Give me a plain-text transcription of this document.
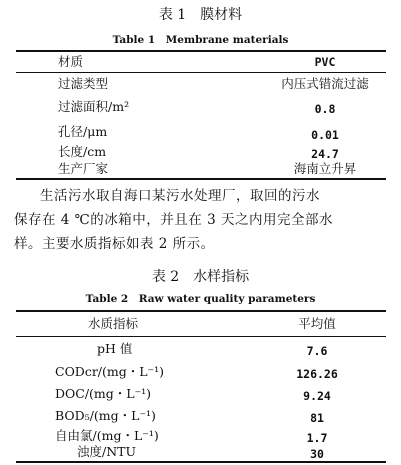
表 1　膜材料
Table 1　Membrane materials
材质	PVC
过滤类型	内压式错流过滤
过滤面积/m²	0.8
孔径/μm	0.01
长度/cm	24.7
生产厂家	海南立升昇

生活污水取自海口某污水处理厂，取回的污水

保存在 4 ℃的冰箱中，并且在 3 天之内用完全部水

样。主要水质指标如表 2 所示。

表 2　水样指标
Table 2　Raw water quality parameters
水质指标	平均值
pH 值	7.6
CODcr/(mg・L⁻¹)	126.26
DOC/(mg・L⁻¹)	9.24
BOD₅/(mg・L⁻¹)	81
自由氯/(mg・L⁻¹)	1.7
浊度/NTU	30
